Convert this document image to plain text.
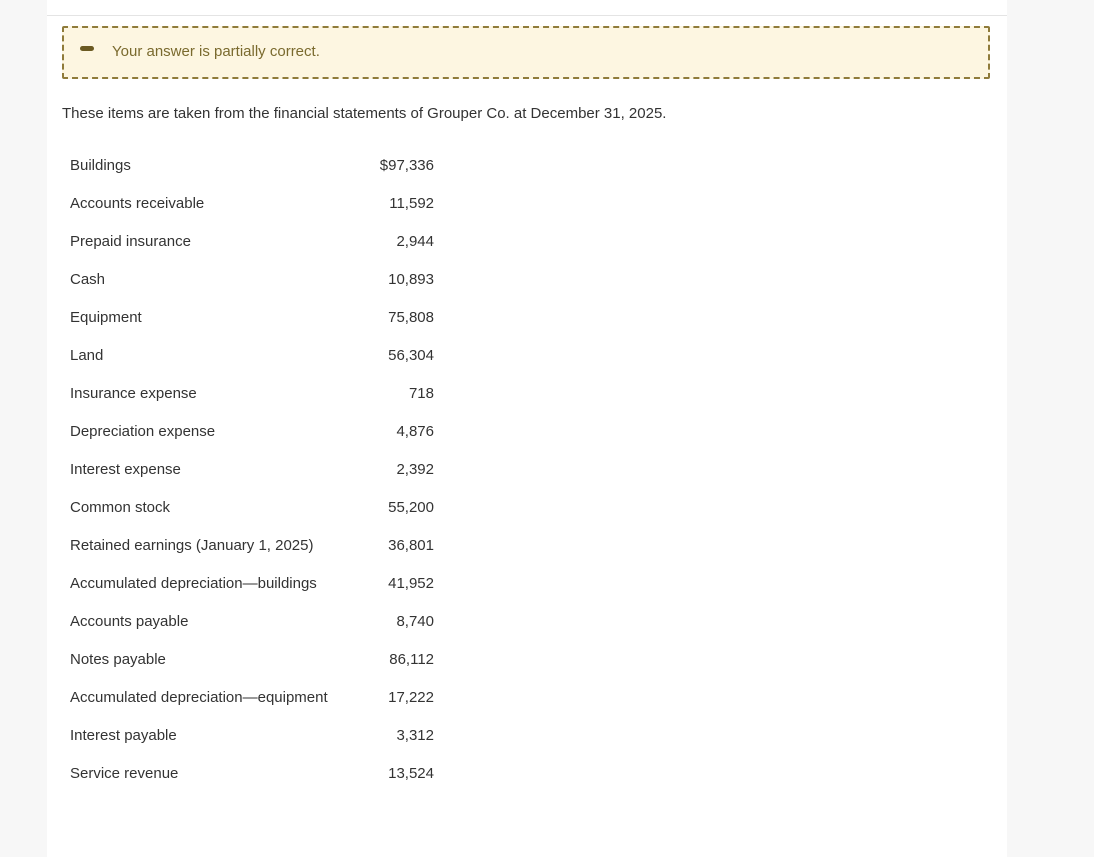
Your answer is partially correct.
These items are taken from the financial statements of Grouper Co. at December 31, 2025.
Buildings	$97,336
Accounts receivable	11,592
Prepaid insurance	2,944
Cash	10,893
Equipment	75,808
Land	56,304
Insurance expense	718
Depreciation expense	4,876
Interest expense	2,392
Common stock	55,200
Retained earnings (January 1, 2025)	36,801
Accumulated depreciation—buildings	41,952
Accounts payable	8,740
Notes payable	86,112
Accumulated depreciation—equipment	17,222
Interest payable	3,312
Service revenue	13,524
